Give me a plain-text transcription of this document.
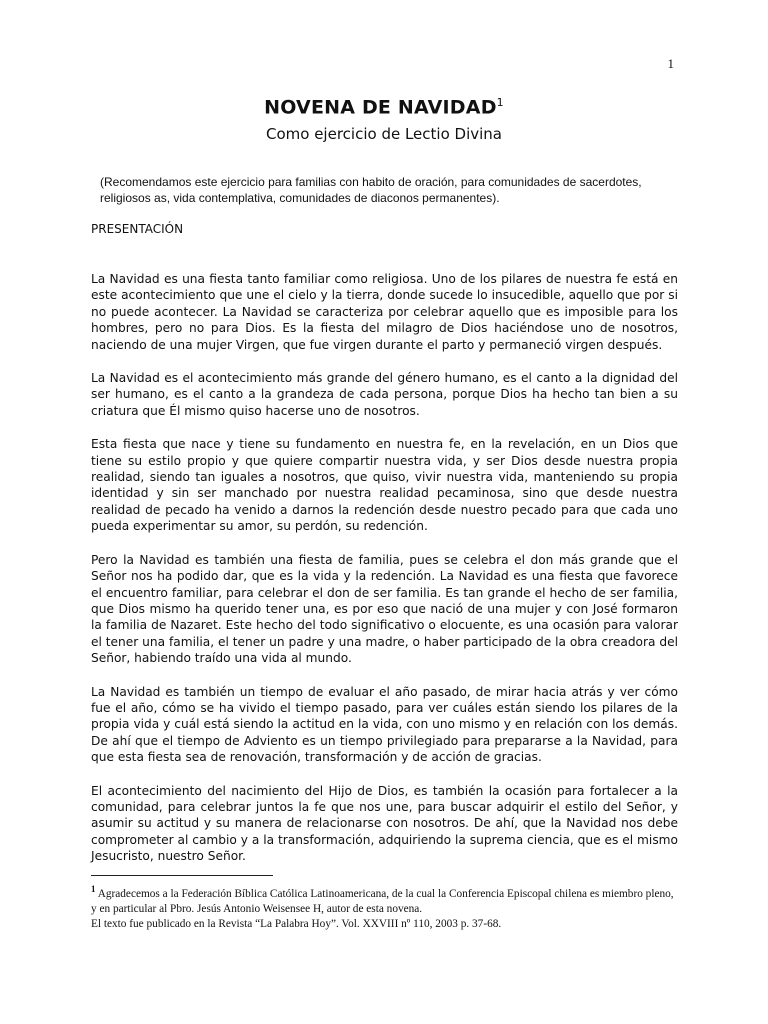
1
NOVENA DE NAVIDAD$^1$
Como ejercicio de Lectio Divina
(Recomendamos este ejercicio para familias con habito de oración, para comunidades de sacerdotes, religiosos as, vida contemplativa, comunidades de diaconos permanentes).
PRESENTACIÓN

La Navidad es una fiesta tanto familiar como religiosa. Uno de los pilares de nuestra fe está en este acontecimiento que une el cielo y la tierra, donde sucede lo insucedible, aquello que por si no puede acontecer. La Navidad se caracteriza por celebrar aquello que es imposible para los hombres, pero no para Dios. Es la fiesta del milagro de Dios haciéndose uno de nosotros, naciendo de una mujer Virgen, que fue virgen durante el parto y permaneció virgen después.

La Navidad es el acontecimiento más grande del género humano, es el canto a la dignidad del ser humano, es el canto a la grandeza de cada persona, porque Dios ha hecho tan bien a su criatura que Él mismo quiso hacerse uno de nosotros.

Esta fiesta que nace y tiene su fundamento en nuestra fe, en la revelación, en un Dios que tiene su estilo propio y que quiere compartir nuestra vida, y ser Dios desde nuestra propia realidad, siendo tan iguales a nosotros, que quiso, vivir nuestra vida, manteniendo su propia identidad y sin ser manchado por nuestra realidad pecaminosa, sino que desde nuestra realidad de pecado ha venido a darnos la redención desde nuestro pecado para que cada uno pueda experimentar su amor, su perdón, su redención.

Pero la Navidad es también una fiesta de familia, pues se celebra el don más grande que el Señor nos ha podido dar, que es la vida y la redención. La Navidad es una fiesta que favorece el encuentro familiar, para celebrar el don de ser familia. Es tan grande el hecho de ser familia, que Dios mismo ha querido tener una, es por eso que nació de una mujer y con José formaron la familia de Nazaret. Este hecho del todo significativo o elocuente, es una ocasión para valorar el tener una familia, el tener un padre y una madre, o haber participado de la obra creadora del Señor, habiendo traído una vida al mundo.

La Navidad es también un tiempo de evaluar el año pasado, de mirar hacia atrás y ver cómo fue el año, cómo se ha vivido el tiempo pasado, para ver cuáles están siendo los pilares de la propia vida y cuál está siendo la actitud en la vida, con uno mismo y en relación con los demás. De ahí que el tiempo de Adviento es un tiempo privilegiado para prepararse a la Navidad, para que esta fiesta sea de renovación, transformación y de acción de gracias.

El acontecimiento del nacimiento del Hijo de Dios, es también la ocasión para fortalecer a la comunidad, para celebrar juntos la fe que nos une, para buscar adquirir el estilo del Señor, y asumir su actitud y su manera de relacionarse con nosotros. De ahí, que la Navidad nos debe comprometer al cambio y a la transformación, adquiriendo la suprema ciencia, que es el mismo Jesucristo, nuestro Señor.

$^1$ Agradecemos a la Federación Bíblica Católica Latinoamericana, de la cual la Conferencia Episcopal chilena es miembro pleno, y en particular al Pbro. Jesús Antonio Weisensee H, autor de esta novena.

El texto fue publicado en la Revista “La Palabra Hoy”. Vol. XXVIII nº 110, 2003 p. 37-68.
